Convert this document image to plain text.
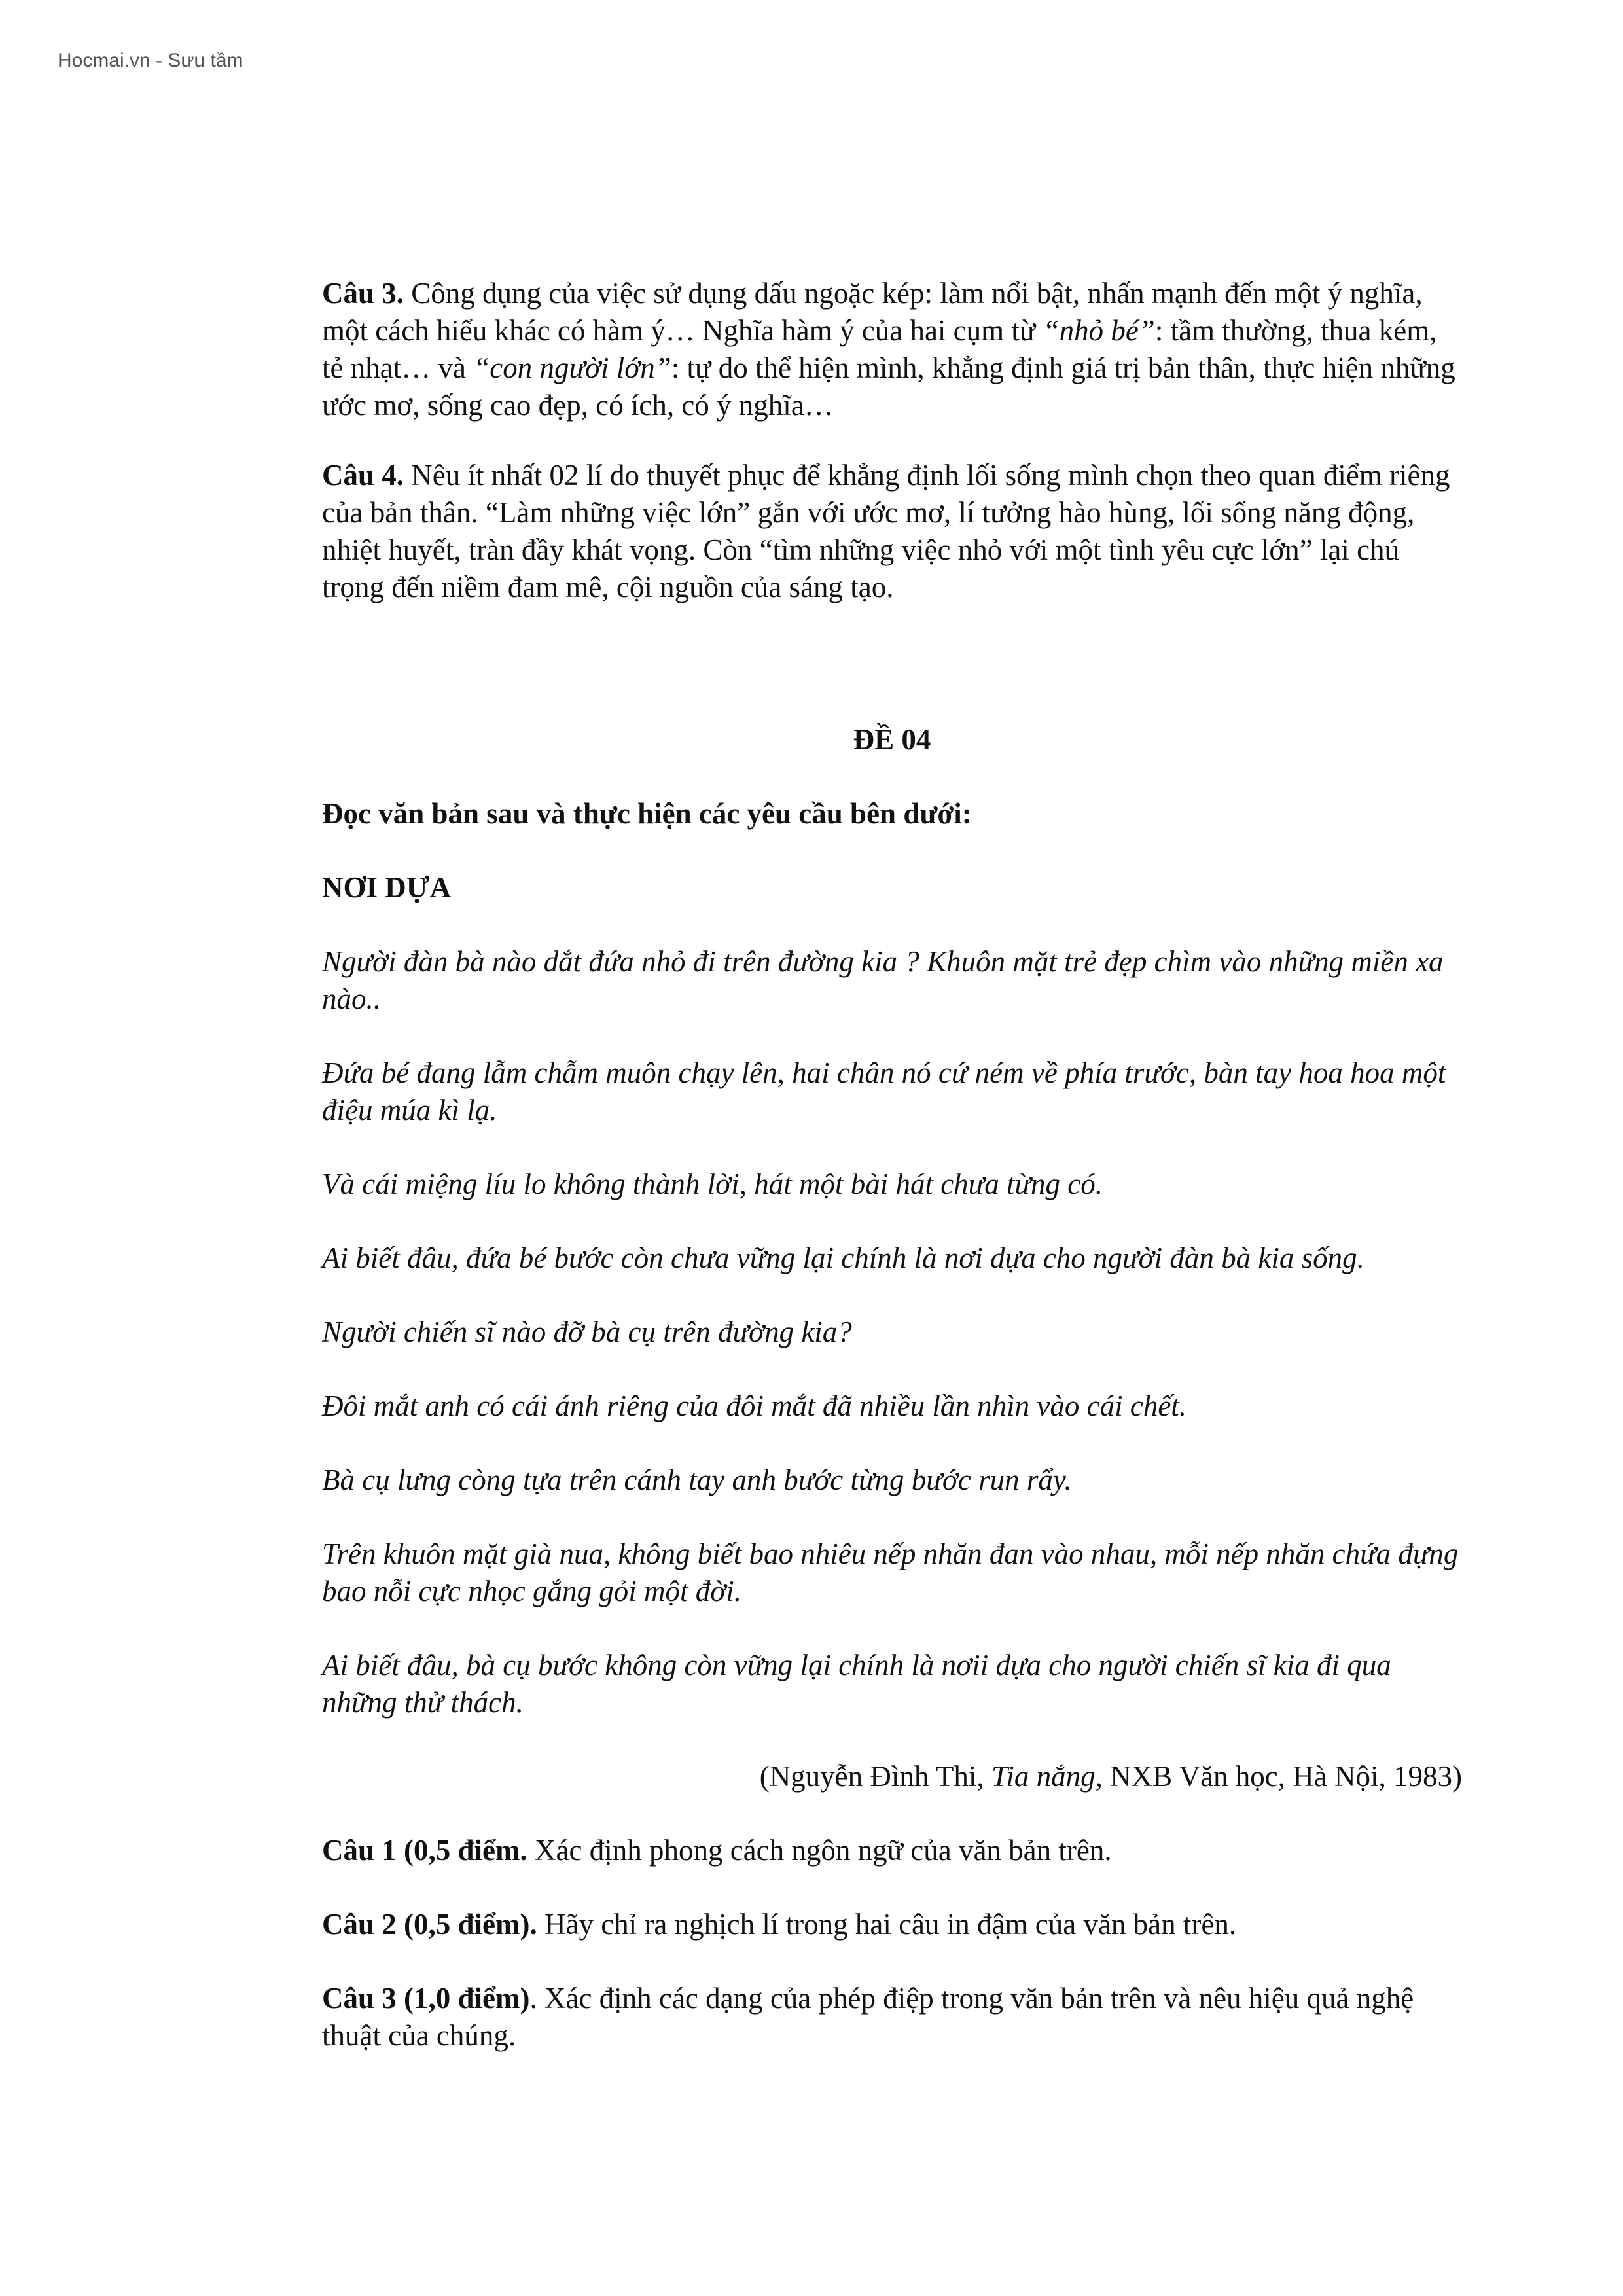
Hocmai.vn - Sưu tầm

Câu 3. Công dụng của việc sử dụng dấu ngoặc kép: làm nổi bật, nhấn mạnh đến một ý nghĩa, một cách hiểu khác có hàm ý… Nghĩa hàm ý của hai cụm từ “nhỏ bé”: tầm thường, thua kém, tẻ nhạt… và “con người lớn”: tự do thể hiện mình, khẳng định giá trị bản thân, thực hiện những ước mơ, sống cao đẹp, có ích, có ý nghĩa…

Câu 4. Nêu ít nhất 02 lí do thuyết phục để khẳng định lối sống mình chọn theo quan điểm riêng của bản thân. “Làm những việc lớn” gắn với ước mơ, lí tưởng hào hùng, lối sống năng động, nhiệt huyết, tràn đầy khát vọng. Còn “tìm những việc nhỏ với một tình yêu cực lớn” lại chú trọng đến niềm đam mê, cội nguồn của sáng tạo.

ĐỀ 04
Đọc văn bản sau và thực hiện các yêu cầu bên dưới:
NƠI DỰA

Người đàn bà nào dắt đứa nhỏ đi trên đường kia ? Khuôn mặt trẻ đẹp chìm vào những miền xa nào..

Đứa bé đang lẫm chẫm muôn chạy lên, hai chân nó cứ ném về phía trước, bàn tay hoa hoa một điệu múa kì lạ.

Và cái miệng líu lo không thành lời, hát một bài hát chưa từng có.

Ai biết đâu, đứa bé bước còn chưa vững lại chính là nơi dựa cho người đàn bà kia sống.

Người chiến sĩ nào đỡ bà cụ trên đường kia?

Đôi mắt anh có cái ánh riêng của đôi mắt đã nhiều lần nhìn vào cái chết.

Bà cụ lưng còng tựa trên cánh tay anh bước từng bước run rẩy.

Trên khuôn mặt già nua, không biết bao nhiêu nếp nhăn đan vào nhau, mỗi nếp nhăn chứa đựng bao nỗi cực nhọc gắng gỏi một đời.

Ai biết đâu, bà cụ bước không còn vững lại chính là nơii dựa cho người chiến sĩ kia đi qua những thử thách.

(Nguyễn Đình Thi, Tia nắng, NXB Văn học, Hà Nội, 1983)

Câu 1 (0,5 điểm. Xác định phong cách ngôn ngữ của văn bản trên.

Câu 2 (0,5 điểm). Hãy chỉ ra nghịch lí trong hai câu in đậm của văn bản trên.

Câu 3 (1,0 điểm). Xác định các dạng của phép điệp trong văn bản trên và nêu hiệu quả nghệ thuật của chúng.
